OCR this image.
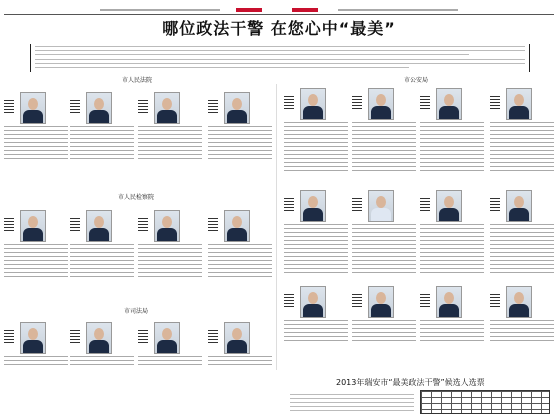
哪位政法干警 在您心中“最美”
市人民法院
市人民检察院
市司法局
市公安局
2013年瑞安市“最美政法干警”候选人选票
